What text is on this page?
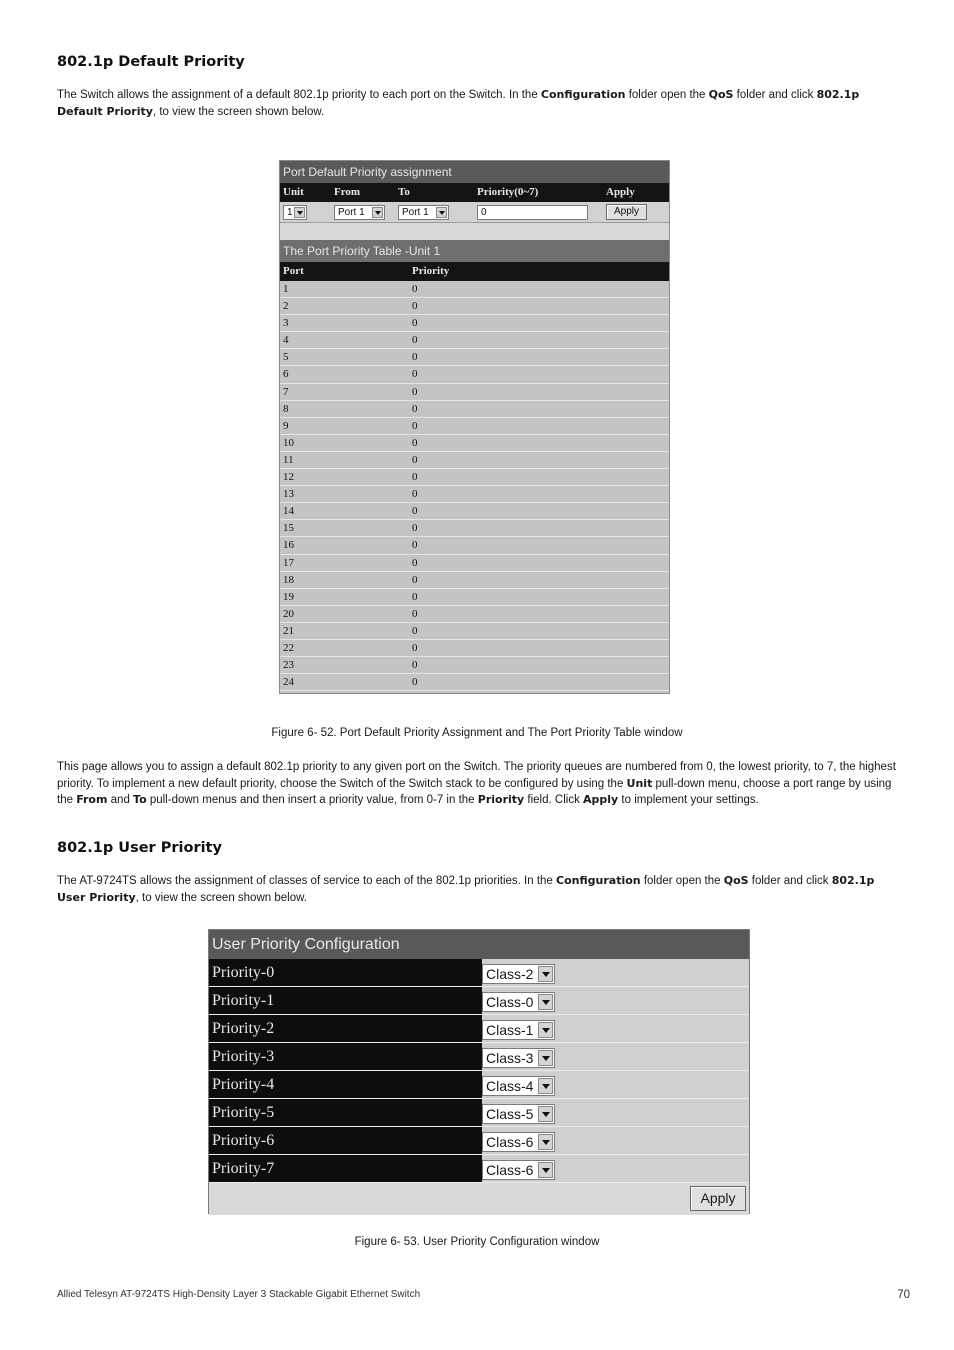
802.1p Default Priority

The Switch allows the assignment of a default 802.1p priority to each port on the Switch. In the Configuration folder open the QoS folder and click 802.1p Default Priority, to view the screen shown below.

Port Default Priority assignment
Unit	From	To	Priority(0~7)	Apply
1	Port 1	Port 1	0	Apply
The Port Priority Table -Unit 1
Port	Priority
1	0
2	0
3	0
4	0
5	0
6	0
7	0
8	0
9	0
10	0
11	0
12	0
13	0
14	0
15	0
16	0
17	0
18	0
19	0
20	0
21	0
22	0
23	0
24	0
Figure 6- 52. Port Default Priority Assignment and The Port Priority Table window

This page allows you to assign a default 802.1p priority to any given port on the Switch. The priority queues are numbered from 0, the lowest priority, to 7, the highest priority. To implement a new default priority, choose the Switch of the Switch stack to be configured by using the Unit pull-down menu, choose a port range by using the From and To pull-down menus and then insert a priority value, from 0-7 in the Priority field. Click Apply to implement your settings.

802.1p User Priority

The AT-9724TS allows the assignment of classes of service to each of the 802.1p priorities. In the Configuration folder open the QoS folder and click 802.1p User Priority, to view the screen shown below.

User Priority Configuration
Priority-0	Class-2
Priority-1	Class-0
Priority-2	Class-1
Priority-3	Class-3
Priority-4	Class-4
Priority-5	Class-5
Priority-6	Class-6
Priority-7	Class-6
Apply
Figure 6- 53. User Priority Configuration window
Allied Telesyn AT-9724TS High-Density Layer 3 Stackable Gigabit Ethernet Switch	70
